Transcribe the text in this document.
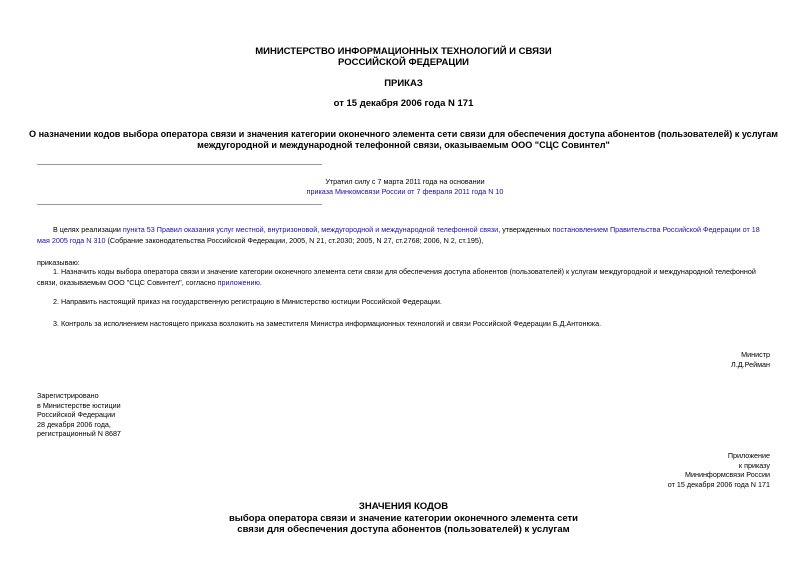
МИНИСТЕРСТВО ИНФОРМАЦИОННЫХ ТЕХНОЛОГИЙ И СВЯЗИ
РОССИЙСКОЙ ФЕДЕРАЦИИ
ПРИКАЗ
от 15 декабря 2006 года N 171
О назначении кодов выбора оператора связи и значения категории оконечного элемента сети связи для обеспечения доступа абонентов (пользователей) к услугам
междугородной и международной телефонной связи, оказываемым ООО "СЦС Совинтел"
Утратил силу с 7 марта 2011 года на основании
приказа Минкомсвязи России от 7 февраля 2011 года N 10
В целях реализации пункта 53 Правил оказания услуг местной, внутризоновой, междугородной и международной телефонной связи, утвержденных постановлением Правительства Российской Федерации от 18
мая 2005 года N 310 (Собрание законодательства Российской Федерации, 2005, N 21, ст.2030; 2005, N 27, ст.2768; 2006, N 2, ст.195),
приказываю:
1. Назначить коды выбора оператора связи и значение категории оконечного элемента сети связи для обеспечения доступа абонентов (пользователей) к услугам междугородной и международной телефонной
связи, оказываемым ООО "СЦС Совинтел", согласно приложению.
2. Направить настоящий приказ на государственную регистрацию в Министерство юстиции Российской Федерации.
3. Контроль за исполнением настоящего приказа возложить на заместителя Министра информационных технологий и связи Российской Федерации Б.Д.Антонюка.
Министр
Л.Д.Рейман
Зарегистрировано
в Министерстве юстиции
Российской Федерации
28 декабря 2006 года,
регистрационный N 8687
Приложение
к приказу
Мининформсвязи России
от 15 декабря 2006 года N 171
ЗНАЧЕНИЯ КОДОВ
выбора оператора связи и значение категории оконечного элемента сети
связи для обеспечения доступа абонентов (пользователей) к услугам
